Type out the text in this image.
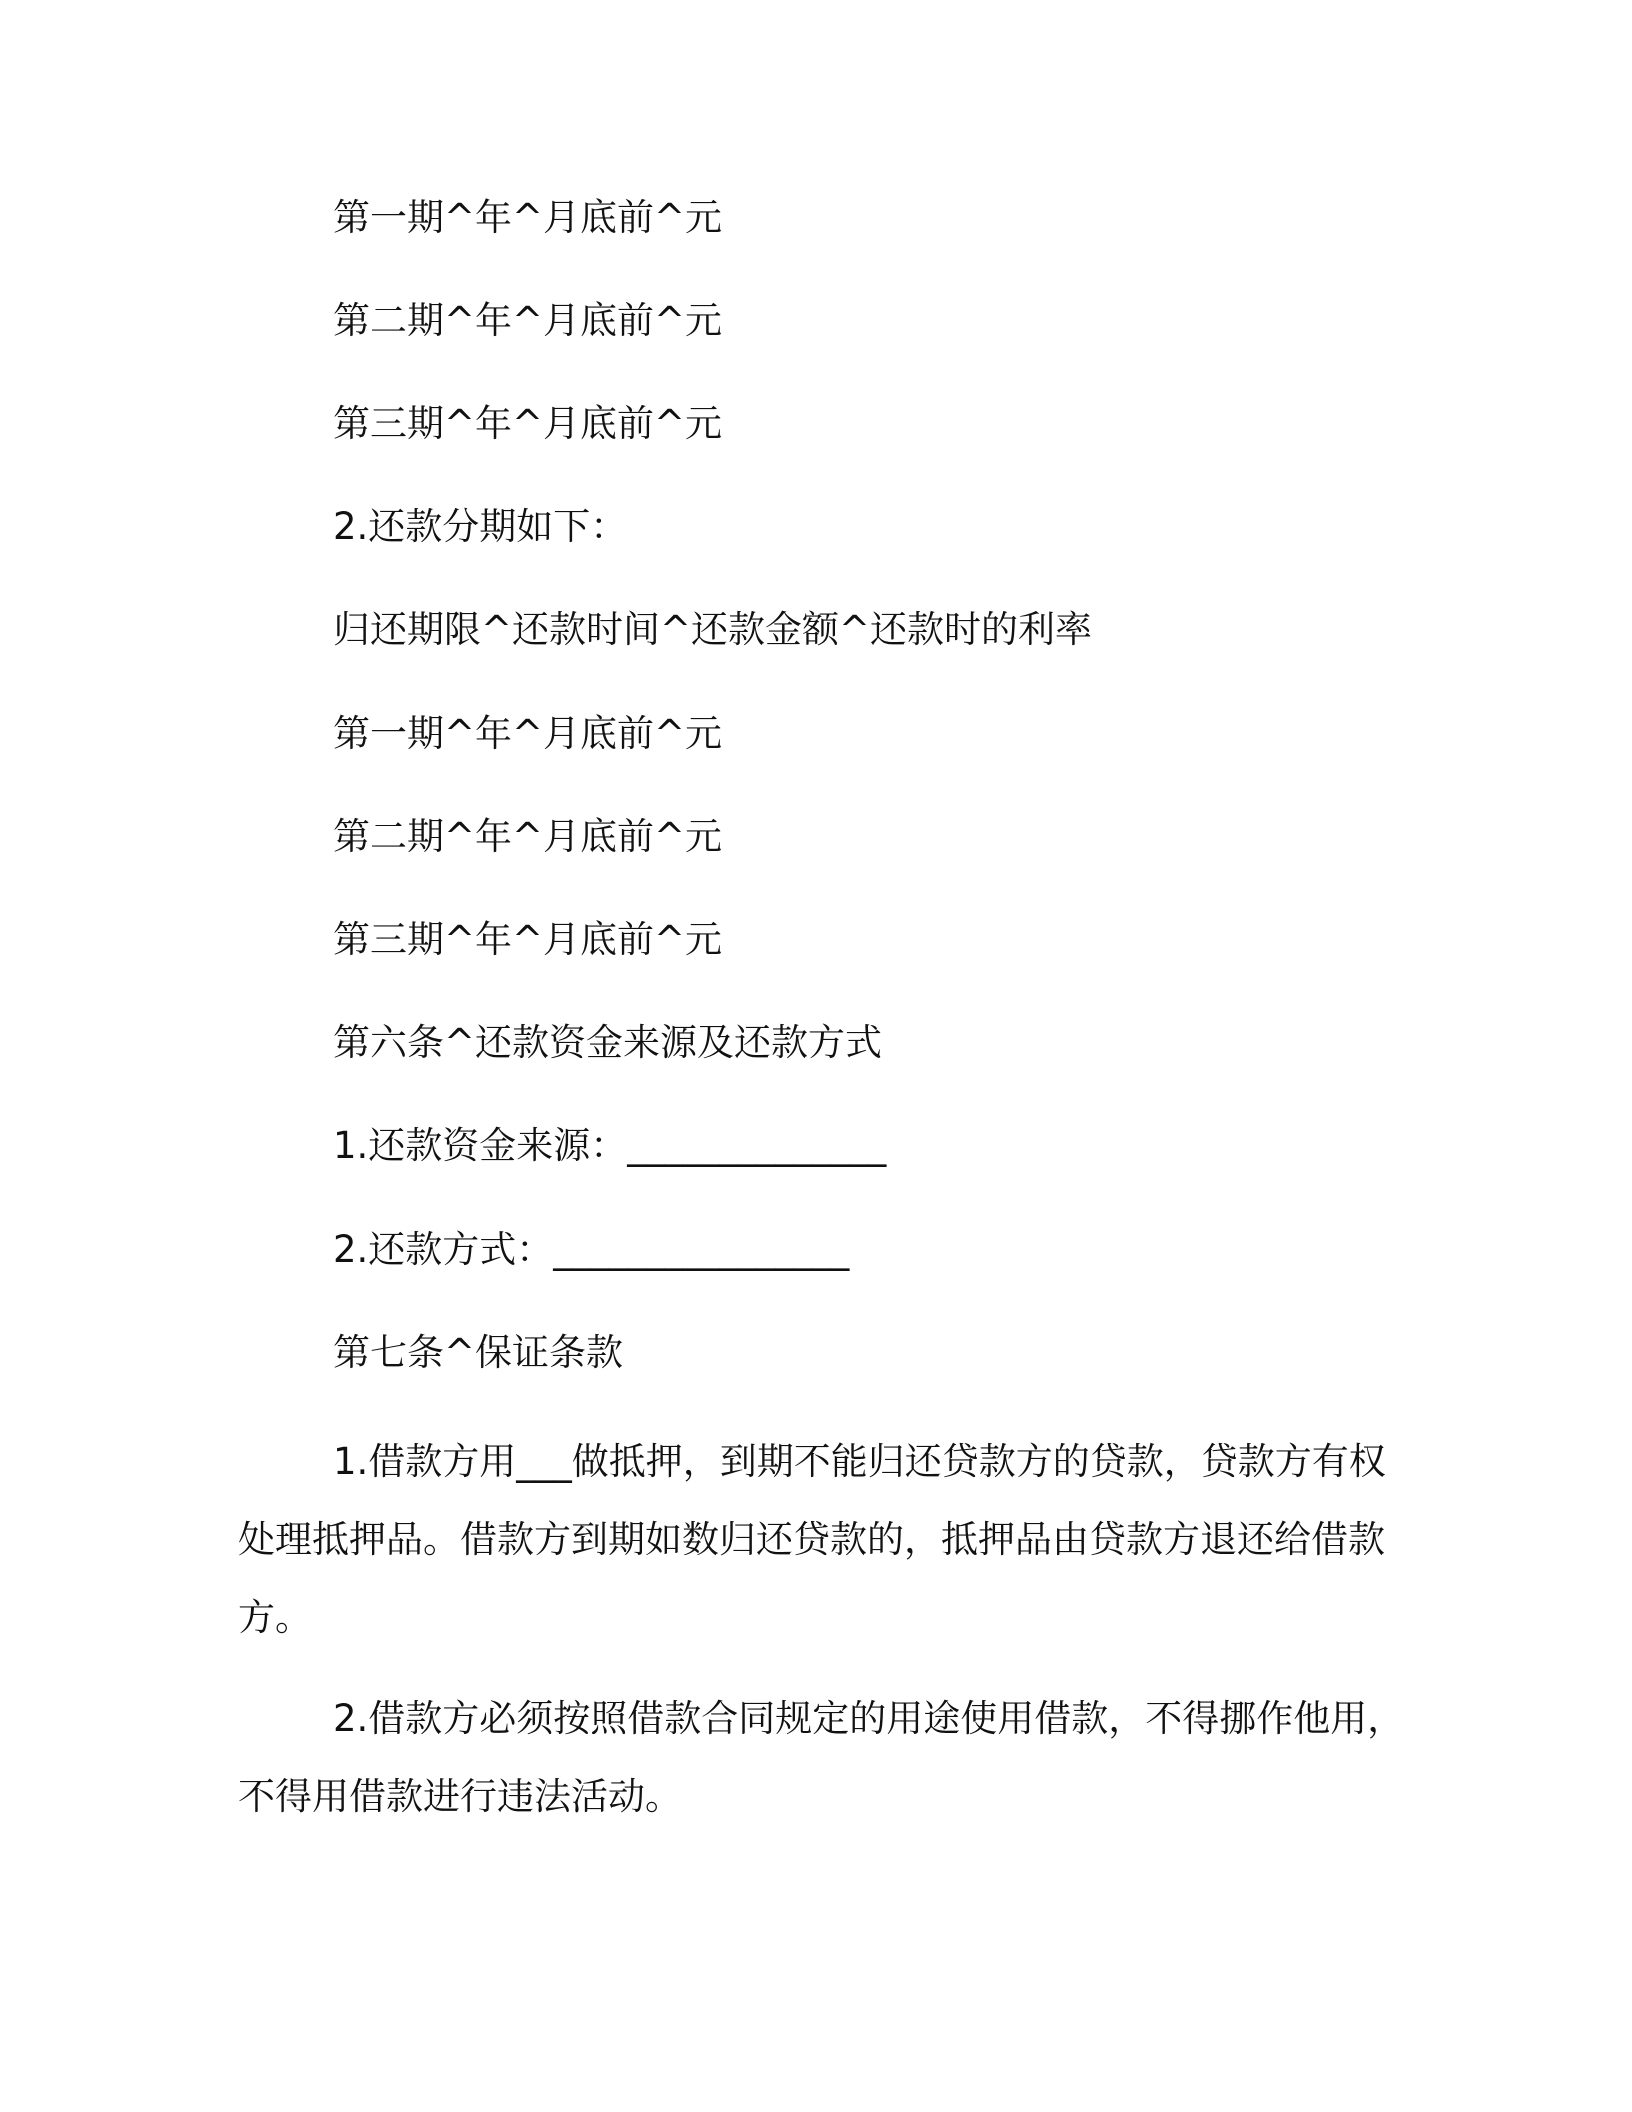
第一期^年^月底前^元
第二期^年^月底前^元
第三期^年^月底前^元
2.还款分期如下：
归还期限^还款时间^还款金额^还款时的利率
第一期^年^月底前^元
第二期^年^月底前^元
第三期^年^月底前^元
第六条^还款资金来源及还款方式
1.还款资金来源：______________
2.还款方式：________________
第七条^保证条款
1.借款方用___做抵押，到期不能归还贷款方的贷款，贷款方有权处理抵押品。借款方到期如数归还贷款的，抵押品由贷款方退还给借款方。
2.借款方必须按照借款合同规定的用途使用借款，不得挪作他用，不得用借款进行违法活动。
